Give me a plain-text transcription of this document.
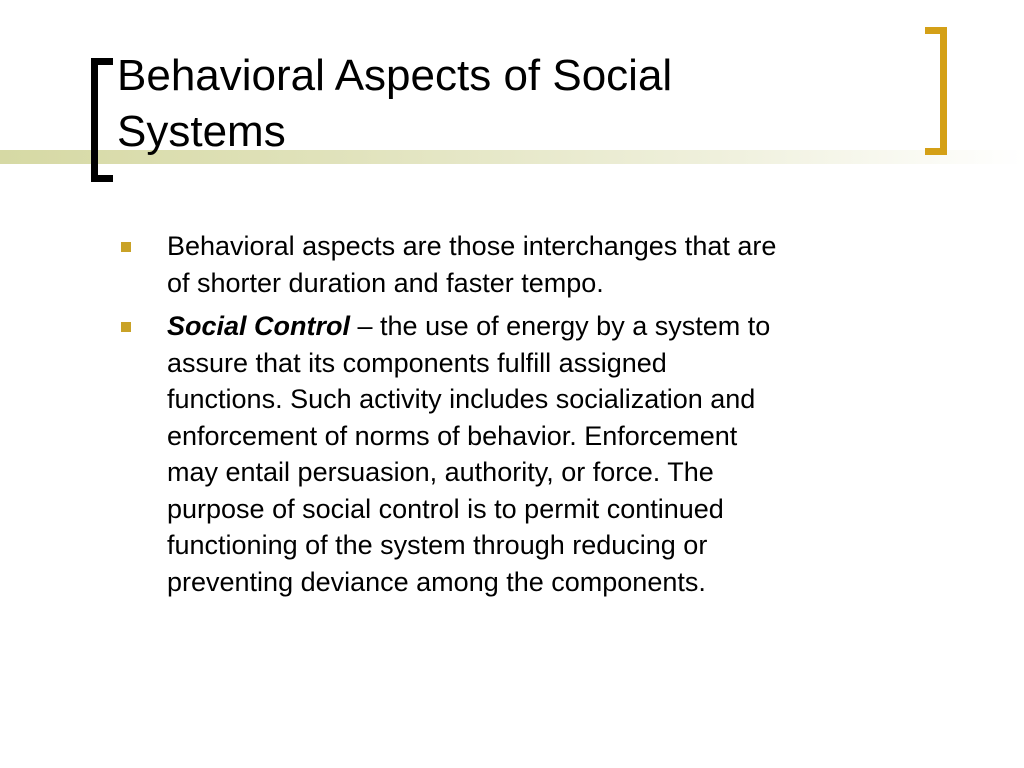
Behavioral Aspects of Social
Systems
Behavioral aspects are those interchanges that are
of shorter duration and faster tempo.
Social Control – the use of energy by a system to
assure that its components fulfill assigned
functions. Such activity includes socialization and
enforcement of norms of behavior. Enforcement
may entail persuasion, authority, or force. The
purpose of social control is to permit continued
functioning of the system through reducing or
preventing deviance among the components.
